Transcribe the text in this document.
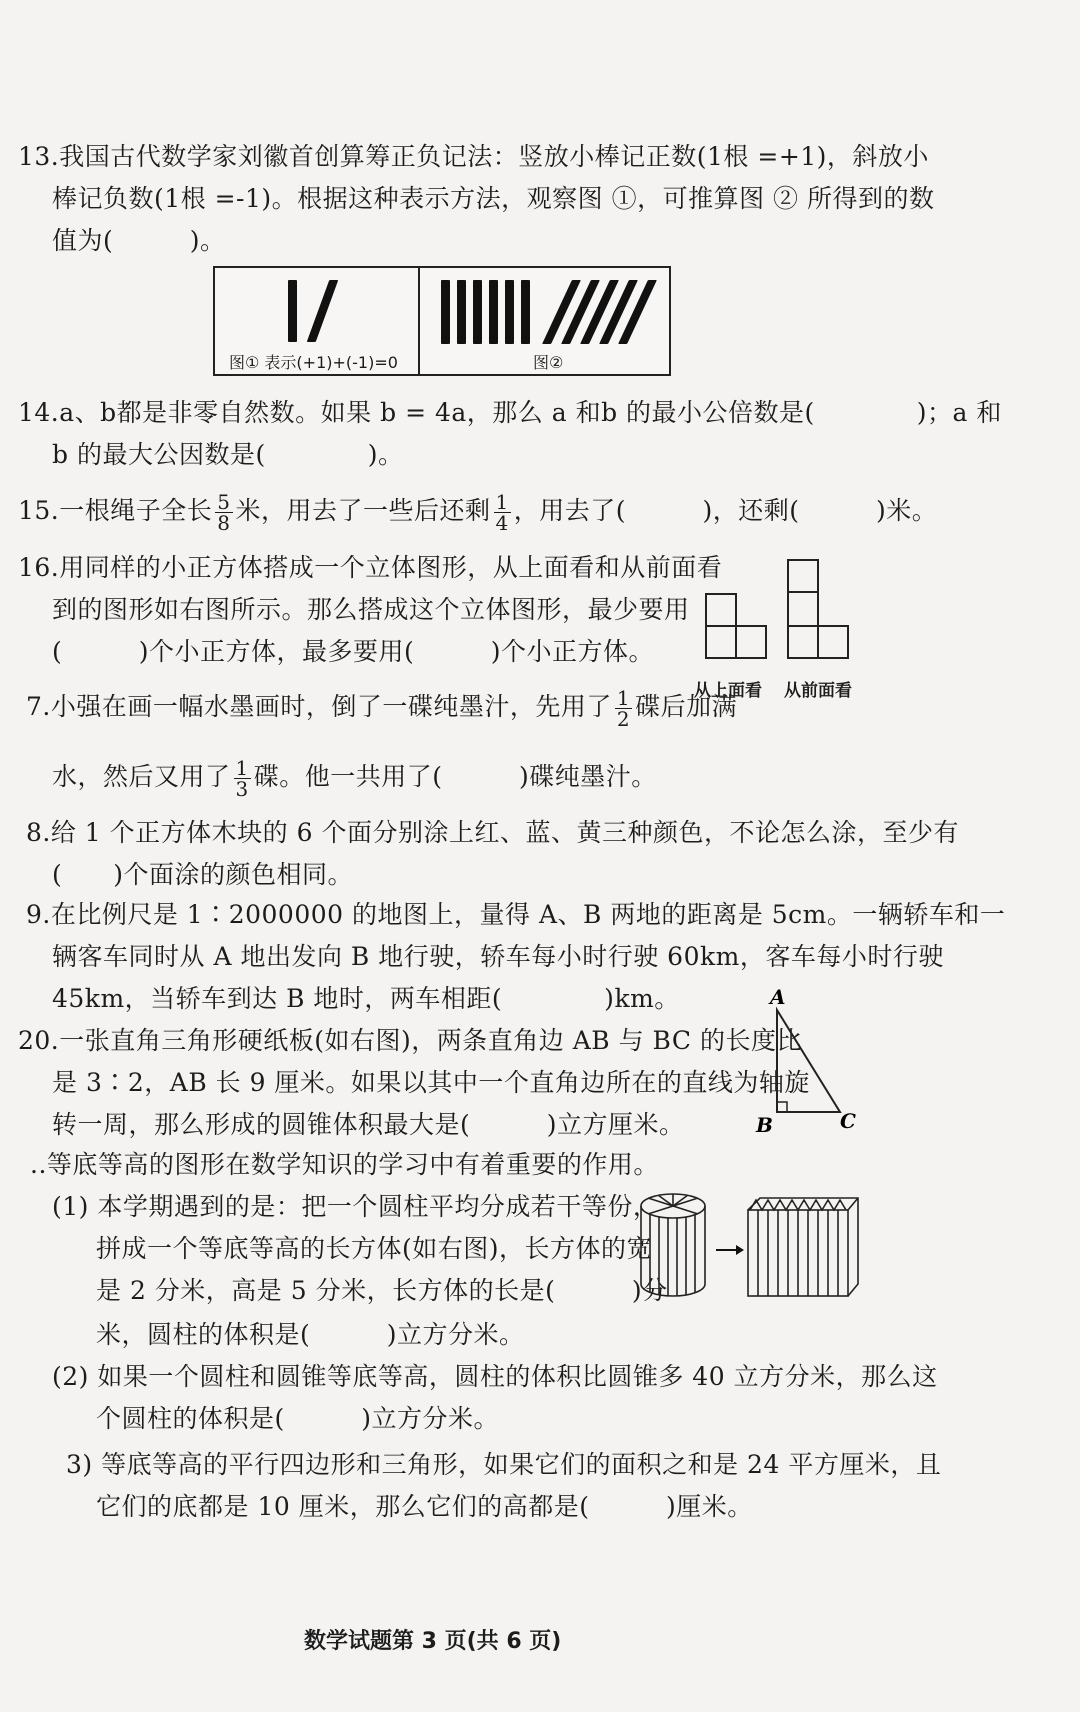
13.我国古代数学家刘徽首创算筹正负记法：竖放小棒记正数(1根 =+1)，斜放小
棒记负数(1根 =-1)。根据这种表示方法，观察图 ①，可推算图 ② 所得到的数
值为(　　　)。
图① 表示(+1)+(-1)=0	图②
14.a、b都是非零自然数。如果 b = 4a，那么 a 和b 的最小公倍数是(　　　　)；a 和
b 的最大公因数是(　　　　)。
15.一根绳子全长 $\frac{5}{8}$ 米，用去了一些后还剩 $\frac{1}{4}$ ，用去了(　　　)，还剩(　　　)米。
16.用同样的小正方体搭成一个立体图形，从上面看和从前面看
到的图形如右图所示。那么搭成这个立体图形，最少要用
(　　　)个小正方体，最多要用(　　　)个小正方体。
从上面看 从前面看
7.小强在画一幅水墨画时，倒了一碟纯墨汁，先用了 $\frac{1}{2}$ 碟后加满
水，然后又用了 $\frac{1}{3}$ 碟。他一共用了(　　　)碟纯墨汁。
8.给 1 个正方体木块的 6 个面分别涂上红、蓝、黄三种颜色，不论怎么涂，至少有
(　　)个面涂的颜色相同。
9.在比例尺是 1∶2000000 的地图上，量得 A、B 两地的距离是 5cm。一辆轿车和一
辆客车同时从 A 地出发向 B 地行驶，轿车每小时行驶 60km，客车每小时行驶
45km，当轿车到达 B 地时，两车相距(　　　　)km。
20.一张直角三角形硬纸板(如右图)，两条直角边 AB 与 BC 的长度比
是 3∶2，AB 长 9 厘米。如果以其中一个直角边所在的直线为轴旋
转一周，那么形成的圆锥体积最大是(　　　)立方厘米。
A
B	C
..等底等高的图形在数学知识的学习中有着重要的作用。
(1) 本学期遇到的是：把一个圆柱平均分成若干等份，
拼成一个等底等高的长方体(如右图)，长方体的宽
是 2 分米，高是 5 分米，长方体的长是(　　　)分
米，圆柱的体积是(　　　)立方分米。
(2) 如果一个圆柱和圆锥等底等高，圆柱的体积比圆锥多 40 立方分米，那么这
个圆柱的体积是(　　　)立方分米。
3) 等底等高的平行四边形和三角形，如果它们的面积之和是 24 平方厘米，且
它们的底都是 10 厘米，那么它们的高都是(　　　)厘米。
数学试题第 3 页(共 6 页)
